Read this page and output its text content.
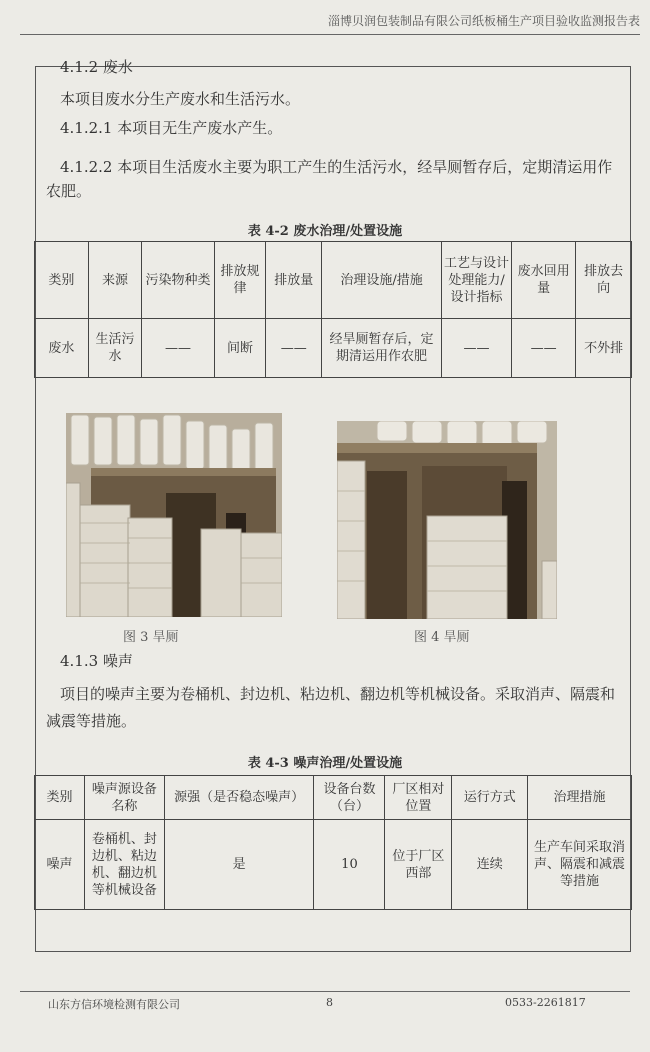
淄博贝润包装制品有限公司纸板桶生产项目验收监测报告表
4.1.2 废水
本项目废水分生产废水和生活污水。
4.1.2.1 本项目无生产废水产生。
4.1.2.2 本项目生活废水主要为职工产生的生活污水，经旱厕暂存后，定期清运用作农肥。
表 4-2 废水治理/处置设施
类别	来源	污染物种类	排放规律	排放量	治理设施/措施	工艺与设计处理能力/设计指标	废水回用量	排放去向
废水	生活污水	——	间断	——	经旱厕暂存后，定期清运用作农肥	——	——	不外排
图 3 旱厕	图 4 旱厕
4.1.3 噪声
项目的噪声主要为卷桶机、封边机、粘边机、翻边机等机械设备。采取消声、隔震和减震等措施。
表 4-3 噪声治理/处置设施
类别	噪声源设备名称	源强（是否稳态噪声）	设备台数（台）	厂区相对位置	运行方式	治理措施
噪声	卷桶机、封边机、粘边机、翻边机等机械设备	是	10	位于厂区西部	连续	生产车间采取消声、隔震和减震等措施
山东方信环境检测有限公司	8	0533-2261817
